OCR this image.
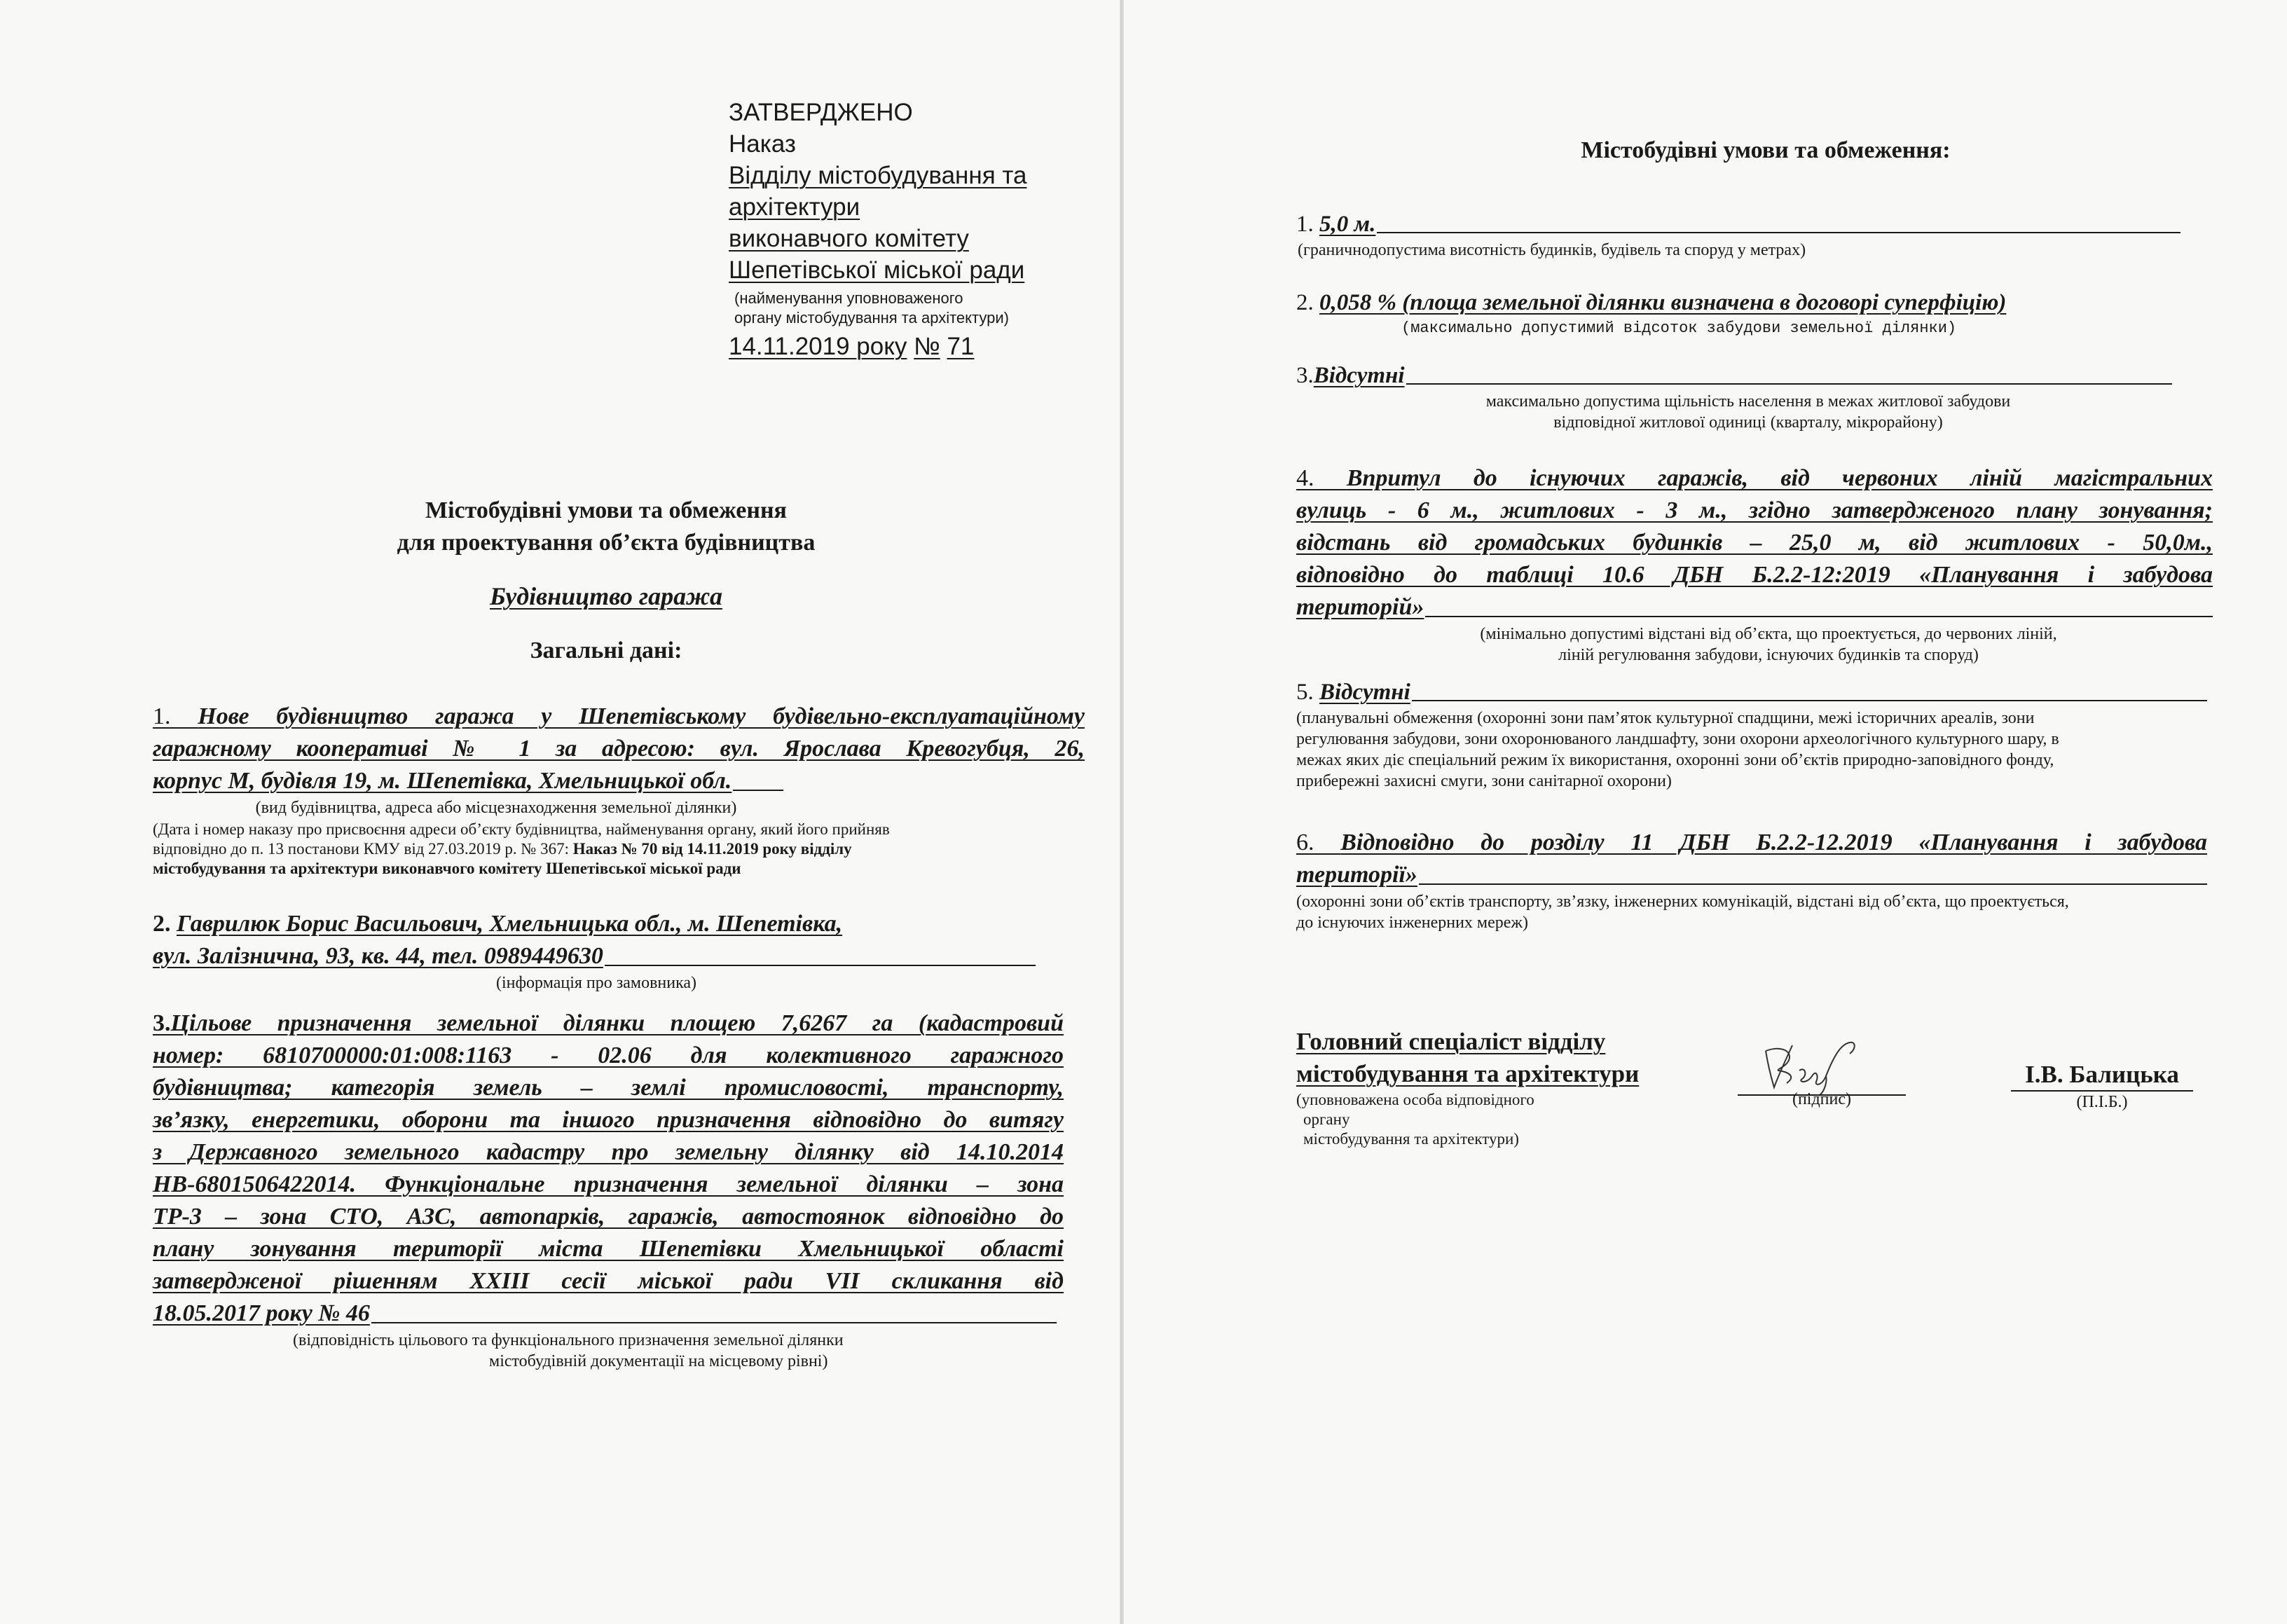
ЗАТВЕРДЖЕНО
Наказ
Відділу містобудування та
архітектури
виконавчого комітету
Шепетівської міської ради
(найменування уповноваженого
органу містобудування та архітектури)
14.11.2019 року № 71
Містобудівні умови та обмеження
для проектування об’єкта будівництва
Будівництво гаража
Загальні дані:
1. Нове будівництво гаража у Шепетівському будівельно-експлуатаційному
гаражному кооперативі № 1 за адресою: вул. Ярослава Кревогубця, 26,
корпус М, будівля 19, м. Шепетівка, Хмельницької обл.
(вид будівництва, адреса або місцезнаходження земельної ділянки)
(Дата і номер наказу про присвоєння адреси об’єкту будівництва, найменування органу, який його прийняв
відповідно до п. 13 постанови КМУ від 27.03.2019 р. № 367: Наказ № 70 від 14.11.2019 року відділу
містобудування та архітектури виконавчого комітету Шепетівської міської ради
2. Гаврилюк Борис Васильович, Хмельницька обл., м. Шепетівка,
вул. Залізнична, 93, кв. 44, тел. 0989449630
(інформація про замовника)
3.Цільове призначення земельної ділянки площею 7,6267 га (кадастровий
номер: 6810700000:01:008:1163 - 02.06 для колективного гаражного
будівництва; категорія земель – землі промисловості, транспорту,
зв’язку, енергетики, оборони та іншого призначення відповідно до витягу
з Державного земельного кадастру про земельну ділянку від 14.10.2014
НВ-6801506422014. Функціональне призначення земельної ділянки – зона
ТР-3 – зона СТО, АЗС, автопарків, гаражів, автостоянок відповідно до
плану зонування території міста Шепетівки Хмельницької області
затвердженої рішенням XXIII сесії міської ради VII скликання від
18.05.2017 року № 46
(відповідність цільового та функціонального призначення земельної ділянки
містобудівній документації на місцевому рівні)
Містобудівні умови та обмеження:
1.
5,0 м.
(граничнодопустима висотність будинків, будівель та споруд у метрах)
2. 0,058 % (площа земельної ділянки визначена в договорі суперфіцію)
(максимально допустимий відсоток забудови земельної ділянки)
3. Відсутні
максимально допустима щільність населення в межах житлової забудови
відповідної житлової одиниці (кварталу, мікрорайону)
4. Впритул до існуючих гаражів, від червоних ліній магістральних
вулиць - 6 м., житлових - 3 м., згідно затвердженого плану зонування;
відстань від громадських будинків – 25,0 м, від житлових - 50,0м.,
відповідно до таблиці 10.6 ДБН Б.2.2-12:2019 «Планування і забудова
територій»
(мінімально допустимі відстані від об’єкта, що проектується, до червоних ліній,
ліній регулювання забудови, існуючих будинків та споруд)
5.
Відсутні
(планувальні обмеження (охоронні зони пам’яток культурної спадщини, межі історичних ареалів, зони
регулювання забудови, зони охоронюваного ландшафту, зони охорони археологічного культурного шару, в
межах яких діє спеціальний режим їх використання, охоронні зони об’єктів природно-заповідного фонду,
прибережні захисні смуги, зони санітарної охорони)
6. Відповідно до розділу 11 ДБН Б.2.2-12.2019 «Планування і забудова
території»
(охоронні зони об’єктів транспорту, зв’язку, інженерних комунікацій, відстані від об’єкта, що проектується,
до існуючих інженерних мереж)
Головний спеціаліст відділу
містобудування та архітектури
(уповноважена особа відповідного
органу
містобудування та архітектури)
(підпис)
І.В. Балицька
(П.І.Б.)
